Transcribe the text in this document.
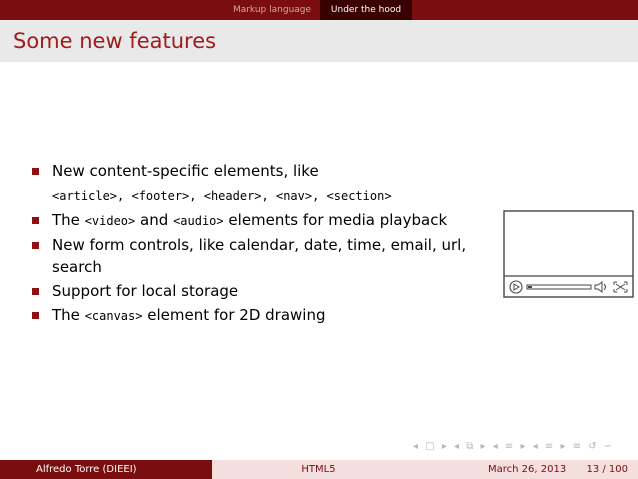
Markup language	Under the hood
Some new features
New content-specific elements, like
<article>, <footer>, <header>, <nav>, <section>
The <video> and <audio> elements for media playback
New form controls, like calendar, date, time, email, url,
search
Support for local storage
The <canvas> element for 2D drawing
◂ □ ▸ ◂ ⧉ ▸ ◂ ≡ ▸ ◂ ≡ ▸ ≡ ↺ ∽
Alfredo Torre (DIEEI)	HTML5	March 26, 2013 13 / 100
